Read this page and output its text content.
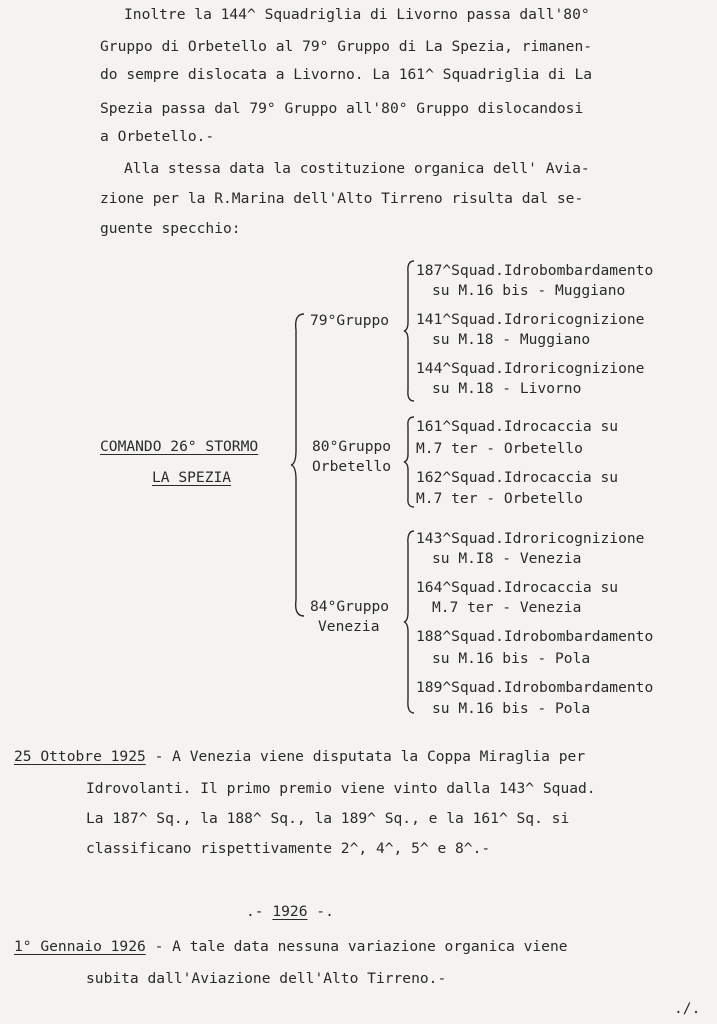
Inoltre la 144^ Squadriglia di Livorno passa dall'80°
Gruppo di Orbetello al 79° Gruppo di La Spezia, rimanen-
do sempre dislocata a Livorno. La 161^ Squadriglia di La
Spezia passa dal 79° Gruppo all'80° Gruppo dislocandosi
a Orbetello.-
Alla stessa data la costituzione organica dell' Avia-
zione per la R.Marina dell'Alto Tirreno risulta dal se-
guente specchio:
COMANDO 26° STORMO
LA SPEZIA
79°Gruppo
80°Gruppo
Orbetello
84°Gruppo
Venezia
187^Squad.Idrobombardamento
su M.16 bis - Muggiano
141^Squad.Idroricognizione
su M.18 - Muggiano
144^Squad.Idroricognizione
su M.18 - Livorno
161^Squad.Idrocaccia su
M.7 ter - Orbetello
162^Squad.Idrocaccia su
M.7 ter - Orbetello
143^Squad.Idroricognizione
su M.I8 - Venezia
164^Squad.Idrocaccia su
M.7 ter - Venezia
188^Squad.Idrobombardamento
su M.16 bis - Pola
189^Squad.Idrobombardamento
su M.16 bis - Pola
25 Ottobre 1925 - A Venezia viene disputata la Coppa Miraglia per
Idrovolanti. Il primo premio viene vinto dalla 143^ Squad.
La 187^ Sq., la 188^ Sq., la 189^ Sq., e la 161^ Sq. si
classificano rispettivamente 2^, 4^, 5^ e 8^.-
.- 1926 -.
1° Gennaio 1926 - A tale data nessuna variazione organica viene
subita dall'Aviazione dell'Alto Tirreno.-
./.
